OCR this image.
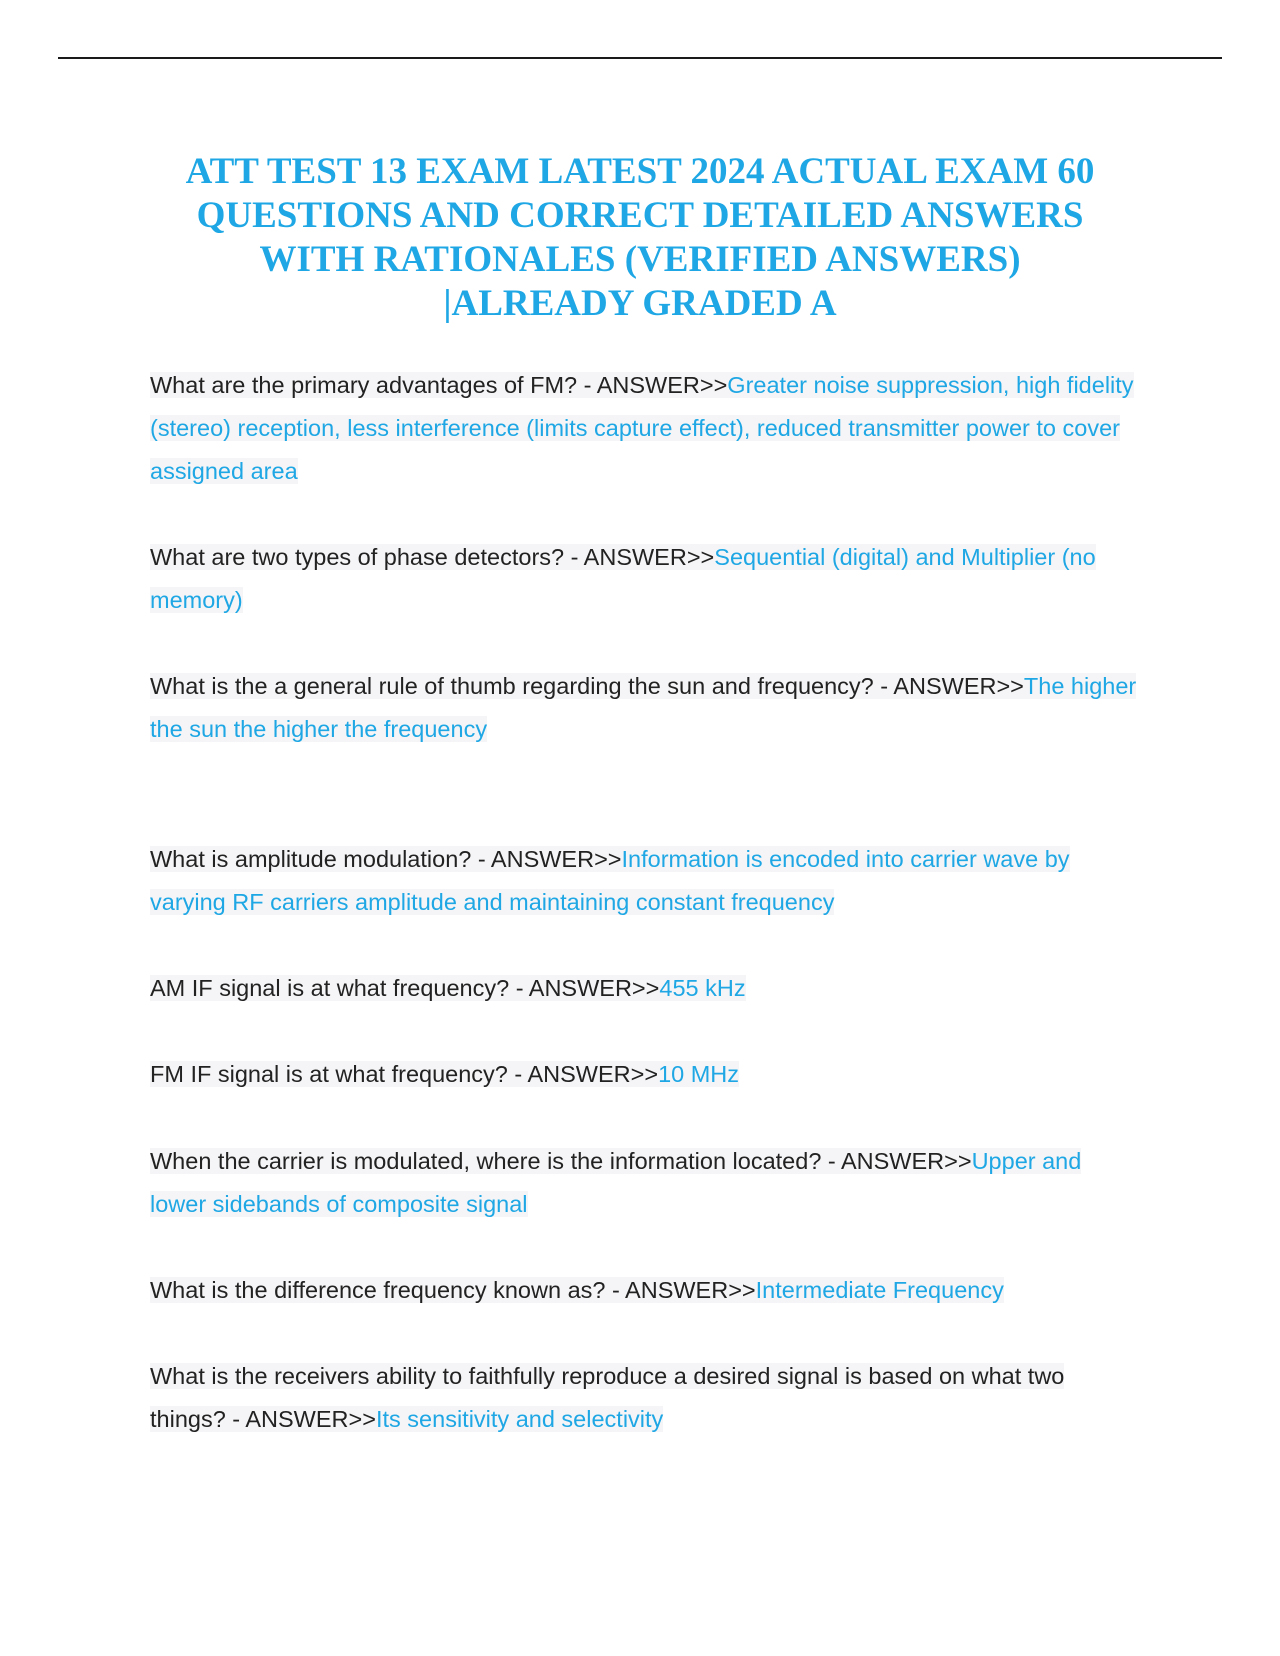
ATT TEST 13 EXAM LATEST 2024 ACTUAL EXAM 60
QUESTIONS AND CORRECT DETAILED ANSWERS
WITH RATIONALES (VERIFIED ANSWERS)
|ALREADY GRADED A

What are the primary advantages of FM? - ANSWER>>Greater noise suppression, high fidelity (stereo) reception, less interference (limits capture effect), reduced transmitter power to cover assigned area

What are two types of phase detectors? - ANSWER>>Sequential (digital) and Multiplier (no memory)

What is the a general rule of thumb regarding the sun and frequency? - ANSWER>>The higher the sun the higher the frequency

What is amplitude modulation? - ANSWER>>Information is encoded into carrier wave by varying RF carriers amplitude and maintaining constant frequency

AM IF signal is at what frequency? - ANSWER>>455 kHz

FM IF signal is at what frequency? - ANSWER>>10 MHz

When the carrier is modulated, where is the information located? - ANSWER>>Upper and lower sidebands of composite signal

What is the difference frequency known as? - ANSWER>>Intermediate Frequency

What is the receivers ability to faithfully reproduce a desired signal is based on what two things? - ANSWER>>Its sensitivity and selectivity
